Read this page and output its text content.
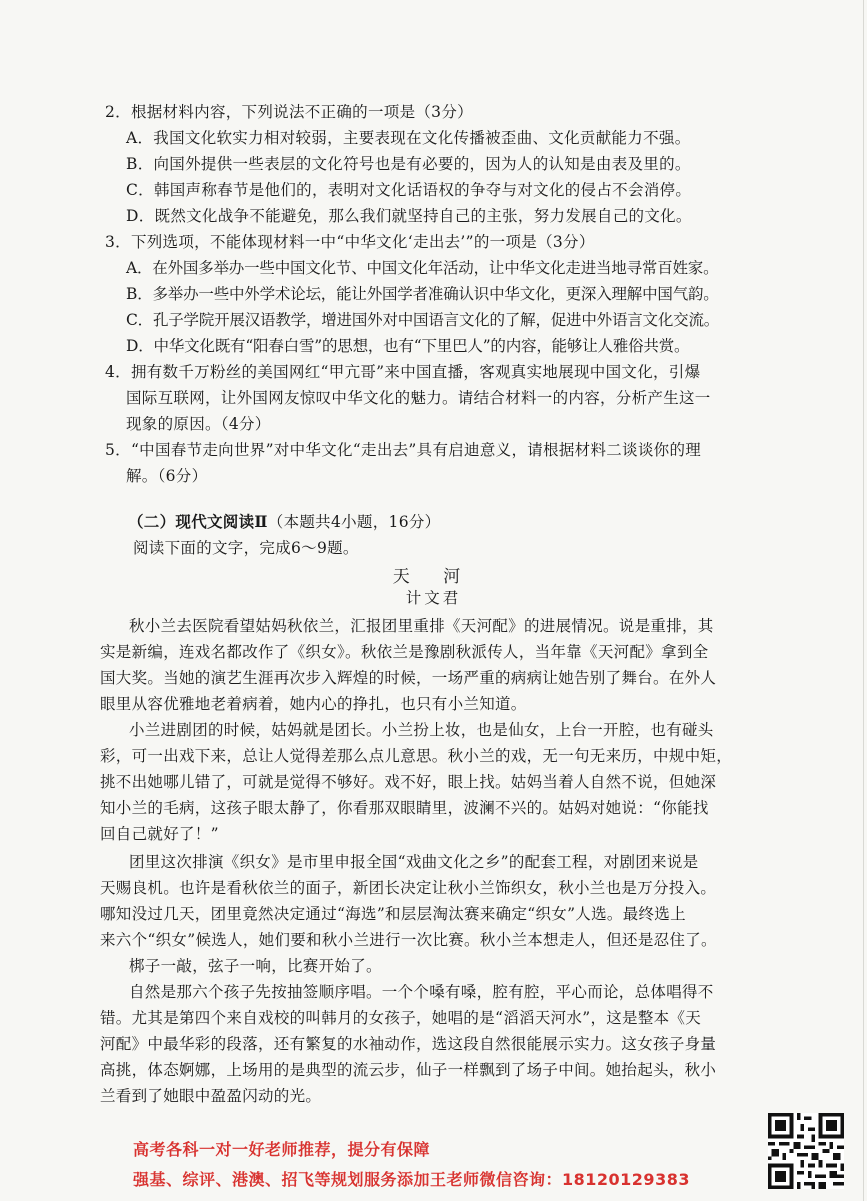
2．根据材料内容，下列说法不正确的一项是（3分）
A．我国文化软实力相对较弱，主要表现在文化传播被歪曲、文化贡献能力不强。
B．向国外提供一些表层的文化符号也是有必要的，因为人的认知是由表及里的。
C．韩国声称春节是他们的，表明对文化话语权的争夺与对文化的侵占不会消停。
D．既然文化战争不能避免，那么我们就坚持自己的主张，努力发展自己的文化。
3．下列选项，不能体现材料一中“中华文化‘走出去’”的一项是（3分）
A．在外国多举办一些中国文化节、中国文化年活动，让中华文化走进当地寻常百姓家。
B．多举办一些中外学术论坛，能让外国学者准确认识中华文化，更深入理解中国气韵。
C．孔子学院开展汉语教学，增进国外对中国语言文化的了解，促进中外语言文化交流。
D．中华文化既有“阳春白雪”的思想，也有“下里巴人”的内容，能够让人雅俗共赏。
4．拥有数千万粉丝的美国网红“甲亢哥”来中国直播，客观真实地展现中国文化，引爆
国际互联网，让外国网友惊叹中华文化的魅力。请结合材料一的内容，分析产生这一
现象的原因。（4分）
5．“中国春节走向世界”对中华文化“走出去”具有启迪意义，请根据材料二谈谈你的理
解。（6分）
（二）现代文阅读Ⅱ（本题共4小题，16分）
阅读下面的文字，完成6～9题。
天 河
计文君
秋小兰去医院看望姑妈秋依兰，汇报团里重排《天河配》的进展情况。说是重排，其
实是新编，连戏名都改作了《织女》。秋依兰是豫剧秋派传人，当年靠《天河配》拿到全
国大奖。当她的演艺生涯再次步入辉煌的时候，一场严重的病病让她告别了舞台。在外人
眼里从容优雅地老着病着，她内心的挣扎，也只有小兰知道。
小兰进剧团的时候，姑妈就是团长。小兰扮上妆，也是仙女，上台一开腔，也有碰头
彩，可一出戏下来，总让人觉得差那么点儿意思。秋小兰的戏，无一句无来历，中规中矩，
挑不出她哪儿错了，可就是觉得不够好。戏不好，眼上找。姑妈当着人自然不说，但她深
知小兰的毛病，这孩子眼太静了，你看那双眼睛里，波澜不兴的。姑妈对她说：“你能找
回自己就好了！”
团里这次排演《织女》是市里申报全国“戏曲文化之乡”的配套工程，对剧团来说是
天赐良机。也许是看秋依兰的面子，新团长决定让秋小兰饰织女，秋小兰也是万分投入。
哪知没过几天，团里竟然决定通过“海选”和层层淘汰赛来确定“织女”人选。最终选上
来六个“织女”候选人，她们要和秋小兰进行一次比赛。秋小兰本想走人，但还是忍住了。
梆子一敲，弦子一响，比赛开始了。
自然是那六个孩子先按抽签顺序唱。一个个嗓有嗓，腔有腔，平心而论，总体唱得不
错。尤其是第四个来自戏校的叫韩月的女孩子，她唱的是“滔滔天河水”，这是整本《天
河配》中最华彩的段落，还有繁复的水袖动作，选这段自然很能展示实力。这女孩子身量
高挑，体态婀娜，上场用的是典型的流云步，仙子一样飘到了场子中间。她抬起头，秋小
兰看到了她眼中盈盈闪动的光。
高考各科一对一好老师推荐，提分有保障
强基、综评、港澳、招飞等规划服务添加王老师微信咨询：18120129383
